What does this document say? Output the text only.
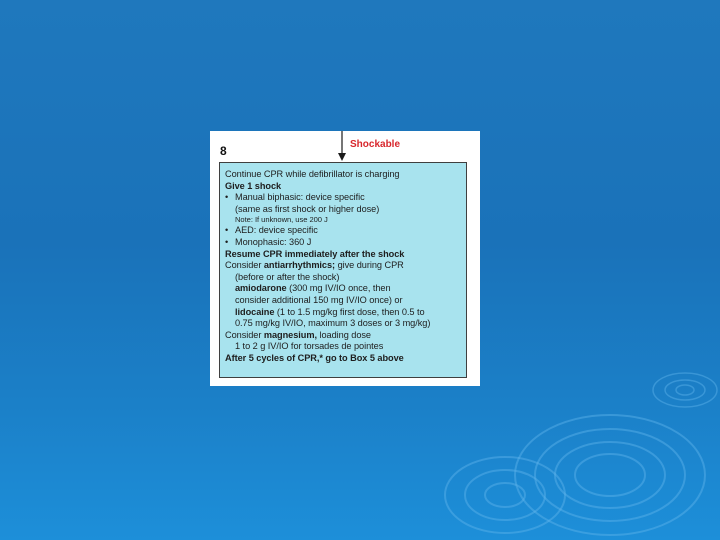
Shockable
8
Continue CPR while defibrillator is charging
Give 1 shock
• Manual biphasic: device specific
(same as first shock or higher dose)
Note: If unknown, use 200 J
• AED: device specific
• Monophasic: 360 J
Resume CPR immediately after the shock
Consider antiarrhythmics; give during CPR
(before or after the shock)
amiodarone (300 mg IV/IO once, then
consider additional 150 mg IV/IO once) or
lidocaine (1 to 1.5 mg/kg first dose, then 0.5 to
0.75 mg/kg IV/IO, maximum 3 doses or 3 mg/kg)
Consider magnesium, loading dose
1 to 2 g IV/IO for torsades de pointes
After 5 cycles of CPR,* go to Box 5 above
